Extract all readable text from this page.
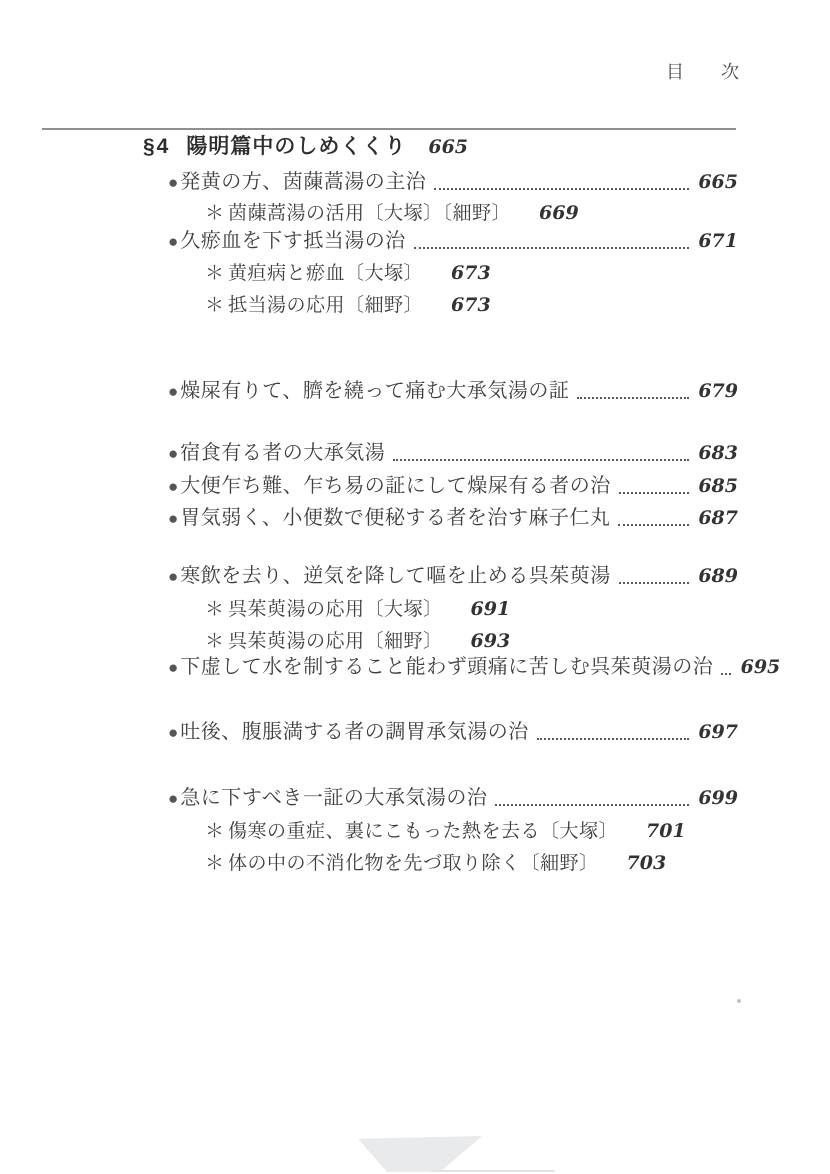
目 次
§4 陽明篇中のしめくくり 665
● 発黄の方、茵蔯蒿湯の主治	665
＊ 茵蔯蒿湯の活用〔大塚〕〔細野〕 669
● 久瘀血を下す抵当湯の治	671
＊ 黄疸病と瘀血〔大塚〕 673
＊ 抵当湯の応用〔細野〕 673
● 燥屎有りて、臍を繞って痛む大承気湯の証	679
● 宿食有る者の大承気湯	683
● 大便乍ち難、乍ち易の証にして燥屎有る者の治	685
● 胃気弱く、小便数で便秘する者を治す麻子仁丸	687
● 寒飲を去り、逆気を降して嘔を止める呉茱萸湯	689
＊ 呉茱萸湯の応用〔大塚〕 691
＊ 呉茱萸湯の応用〔細野〕 693
● 下虚して水を制すること能わず頭痛に苦しむ呉茱萸湯の治 695
● 吐後、腹脹満する者の調胃承気湯の治	697
● 急に下すべき一証の大承気湯の治	699
＊ 傷寒の重症、裏にこもった熱を去る〔大塚〕 701
＊ 体の中の不消化物を先づ取り除く〔細野〕 703
